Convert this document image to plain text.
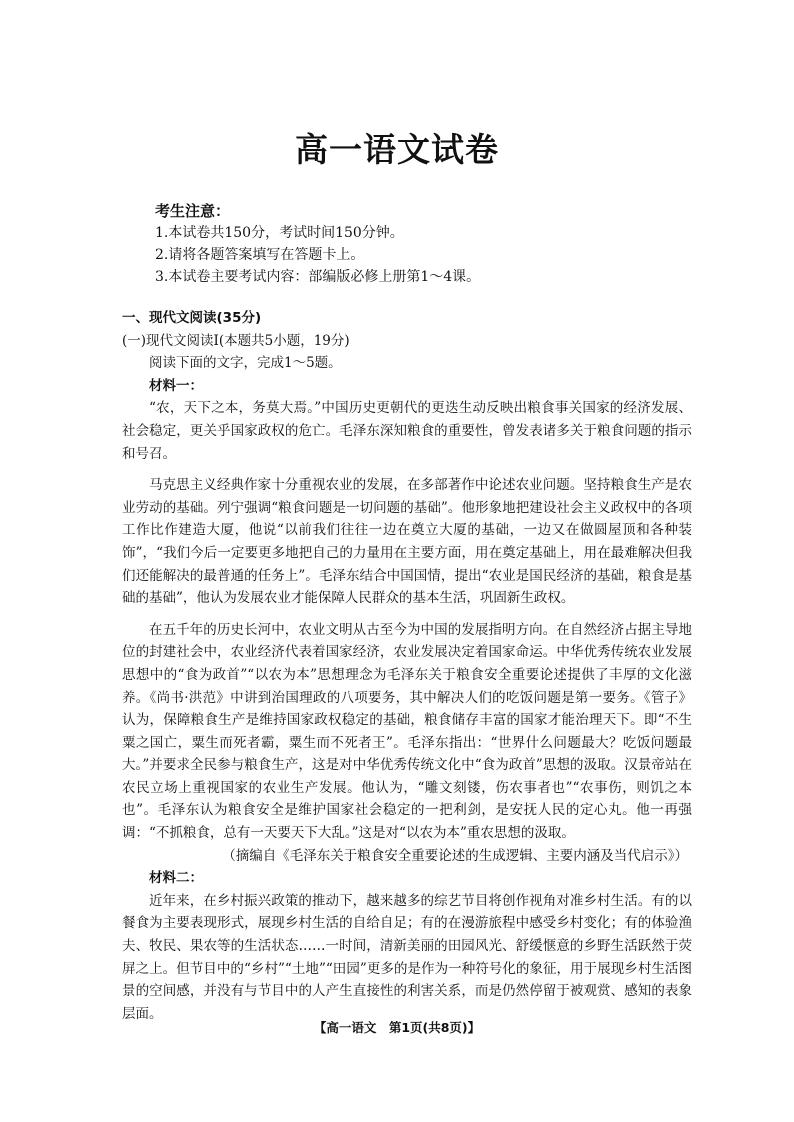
高一语文试卷
考生注意：
1.本试卷共150分，考试时间150分钟。
2.请将各题答案填写在答题卡上。
3.本试卷主要考试内容：部编版必修上册第1～4课。
一、现代文阅读(35分)
(一)现代文阅读Ⅰ(本题共5小题，19分)
阅读下面的文字，完成1～5题。
材料一：

“农，天下之本，务莫大焉。”中国历史更朝代的更迭生动反映出粮食事关国家的经济发展、社会稳定，更关乎国家政权的危亡。毛泽东深知粮食的重要性，曾发表诸多关于粮食问题的指示和号召。

马克思主义经典作家十分重视农业的发展，在多部著作中论述农业问题。坚持粮食生产是农业劳动的基础。列宁强调“粮食问题是一切问题的基础”。他形象地把建设社会主义政权中的各项工作比作建造大厦，他说“以前我们往往一边在奠立大厦的基础，一边又在做圆屋顶和各种装饰”，“我们今后一定要更多地把自己的力量用在主要方面，用在奠定基础上，用在最难解决但我们还能解决的最普通的任务上”。毛泽东结合中国国情，提出“农业是国民经济的基础，粮食是基础的基础”，他认为发展农业才能保障人民群众的基本生活，巩固新生政权。

在五千年的历史长河中，农业文明从古至今为中国的发展指明方向。在自然经济占据主导地位的封建社会中，农业经济代表着国家经济，农业发展决定着国家命运。中华优秀传统农业发展思想中的“食为政首”“以农为本”思想理念为毛泽东关于粮食安全重要论述提供了丰厚的文化滋养。《尚书·洪范》中讲到治国理政的八项要务，其中解决人们的吃饭问题是第一要务。《管子》认为，保障粮食生产是维持国家政权稳定的基础，粮食储存丰富的国家才能治理天下。即“不生粟之国亡，粟生而死者霸，粟生而不死者王”。毛泽东指出：“世界什么问题最大？吃饭问题最大。”并要求全民参与粮食生产，这是对中华优秀传统文化中“食为政首”思想的汲取。汉景帝站在农民立场上重视国家的农业生产发展。他认为，“雕文刻镂，伤农事者也”“农事伤，则饥之本也”。毛泽东认为粮食安全是维护国家社会稳定的一把利剑，是安抚人民的定心丸。他一再强调：“不抓粮食，总有一天要天下大乱。”这是对“以农为本”重农思想的汲取。

（摘编自《毛泽东关于粮食安全重要论述的生成逻辑、主要内涵及当代启示》）
材料二：

近年来，在乡村振兴政策的推动下，越来越多的综艺节目将创作视角对准乡村生活。有的以餐食为主要表现形式，展现乡村生活的自给自足；有的在漫游旅程中感受乡村变化；有的体验渔夫、牧民、果农等的生活状态……一时间，清新美丽的田园风光、舒缓惬意的乡野生活跃然于荧屏之上。但节目中的“乡村”“土地”“田园”更多的是作为一种符号化的象征，用于展现乡村生活图景的空间感，并没有与节目中的人产生直接性的利害关系，而是仍然停留于被观赏、感知的表象层面。

【高一语文　第1页(共8页)】
